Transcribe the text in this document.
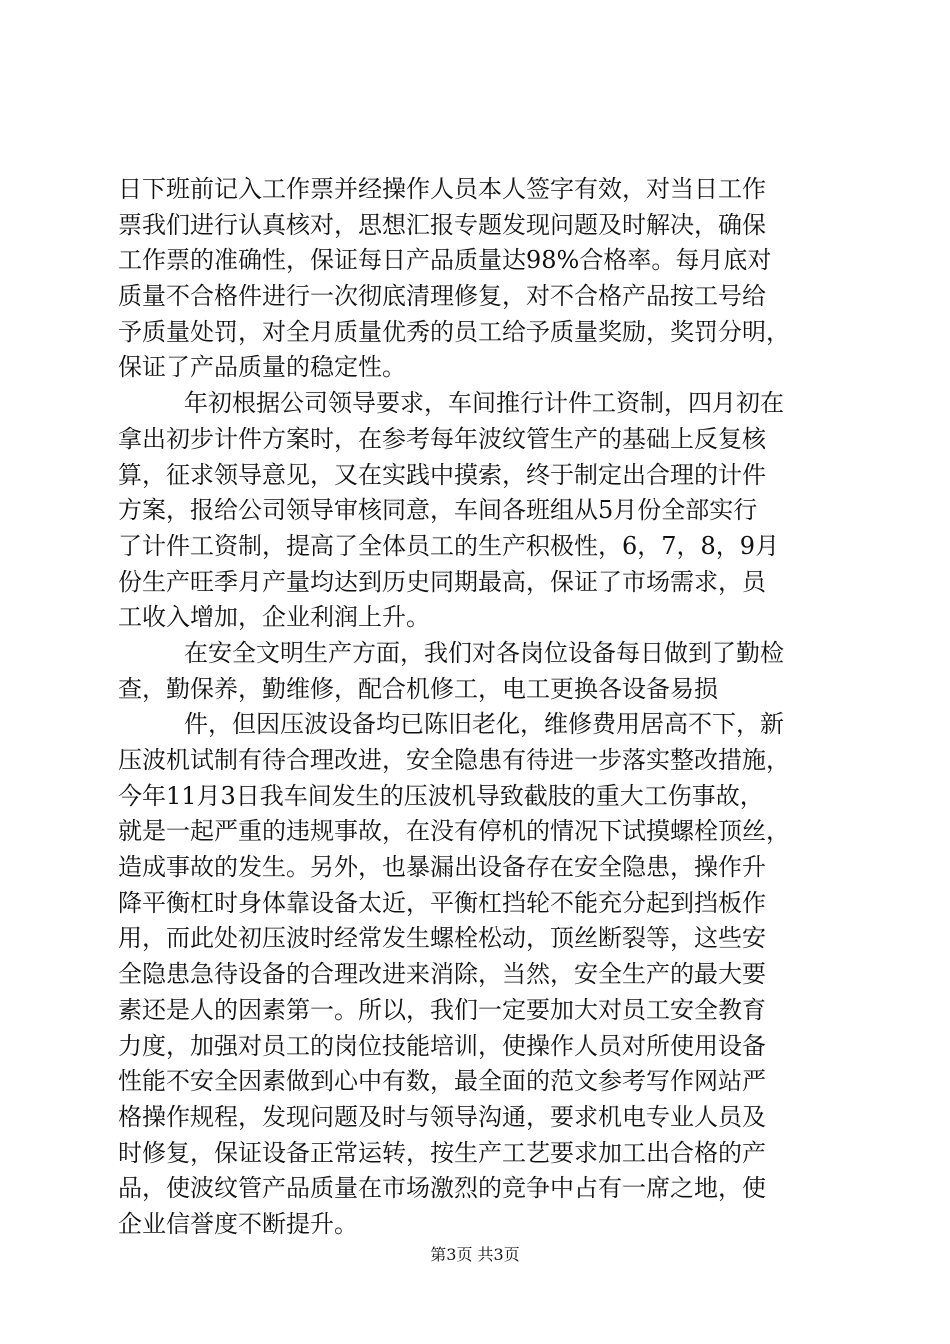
日下班前记入工作票并经操作人员本人签字有效，对当日工作
票我们进行认真核对，思想汇报专题发现问题及时解决，确保
工作票的准确性，保证每日产品质量达98%合格率。每月底对
质量不合格件进行一次彻底清理修复，对不合格产品按工号给
予质量处罚，对全月质量优秀的员工给予质量奖励，奖罚分明，
保证了产品质量的稳定性。
年初根据公司领导要求，车间推行计件工资制，四月初在
拿出初步计件方案时，在参考每年波纹管生产的基础上反复核
算，征求领导意见，又在实践中摸索，终于制定出合理的计件
方案，报给公司领导审核同意，车间各班组从5月份全部实行
了计件工资制，提高了全体员工的生产积极性，6，7，8，9月
份生产旺季月产量均达到历史同期最高，保证了市场需求，员
工收入增加，企业利润上升。
在安全文明生产方面，我们对各岗位设备每日做到了勤检
查，勤保养，勤维修，配合机修工，电工更换各设备易损
件，但因压波设备均已陈旧老化，维修费用居高不下，新
压波机试制有待合理改进，安全隐患有待进一步落实整改措施，
今年11月3日我车间发生的压波机导致截肢的重大工伤事故，
就是一起严重的违规事故，在没有停机的情况下试摸螺栓顶丝，
造成事故的发生。另外，也暴漏出设备存在安全隐患，操作升
降平衡杠时身体靠设备太近，平衡杠挡轮不能充分起到挡板作
用，而此处初压波时经常发生螺栓松动，顶丝断裂等，这些安
全隐患急待设备的合理改进来消除，当然，安全生产的最大要
素还是人的因素第一。所以，我们一定要加大对员工安全教育
力度，加强对员工的岗位技能培训，使操作人员对所使用设备
性能不安全因素做到心中有数，最全面的范文参考写作网站严
格操作规程，发现问题及时与领导沟通，要求机电专业人员及
时修复，保证设备正常运转，按生产工艺要求加工出合格的产
品，使波纹管产品质量在市场激烈的竞争中占有一席之地，使
企业信誉度不断提升。
第3页 共3页
